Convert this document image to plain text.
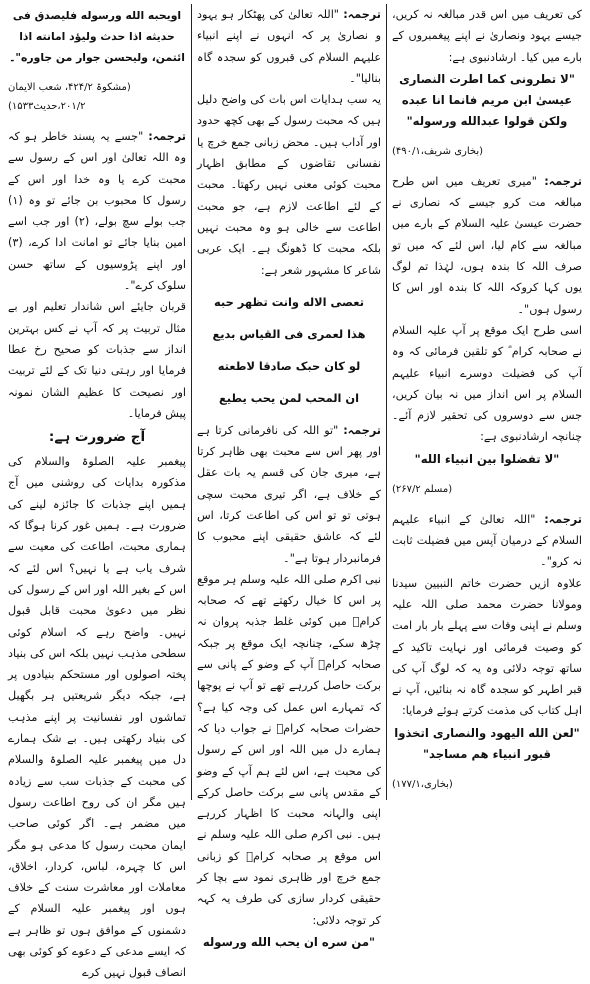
کی تعریف میں اس قدر مبالغہ نہ کریں، جیسے یہود ونصاریٰ نے اپنے پیغمبروں کے بارے میں کیا۔ ارشادنبوی ہے:

"لا تطرونی کما اطرت النصاری عیسیٰ ابن مریم فانما انا عبده ولکن قولوا عبدالله ورسوله"

(بخاری شریف،۴۹۰/۱)

ترجمہ: "میری تعریف میں اس طرح مبالغہ مت کرو جیسے کہ نصاری نے حضرت عیسیٰ علیہ السلام کے بارے میں مبالغہ سے کام لیا، اس لئے کہ میں تو صرف اللہ کا بندہ ہوں، لہٰذا تم لوگ یوں کہا کروکہ اللہ کا بندہ اور اس کا رسول ہوں"۔

اسی طرح ایک موقع پر آپ علیہ السلام نے صحابہ کرام ؓ کو تلقین فرمائی کہ وہ آپ کی فضیلت دوسرے انبیاء علیہم السلام پر اس انداز میں نہ بیان کریں، جس سے دوسروں کی تحقیر لازم آئے۔ چنانچہ ارشادنبوی ہے:

"لا تفضلوا بين انبياء الله"

(مسلم ۲۶۷/۲)

ترجمہ: "اللہ تعالیٰ کے انبیاء علیہم السلام کے درمیان آپس میں فضیلت ثابت نہ کرو"۔

علاوہ ازیں حضرت خاتم النبیین سیدنا ومولانا حضرت محمد صلی اللہ علیہ وسلم نے اپنی وفات سے پہلے بار بار امت کو وصیت فرمائی اور نہایت تاکید کے ساتھ توجہ دلائی وہ یہ کہ لوگ آپ کی قبر اطہر کو سجدہ گاہ نہ بنائیں، آپ نے اہل کتاب کی مذمت کرتے ہوئے فرمایا:

"لعن الله اليهود والنصارى اتخذوا قبور انبياء هم مساجد"

(بخاری،۱۷۷/۱)

ترجمہ: "اللہ تعالیٰ کی پھٹکار ہو یہود و نصاریٰ پر کہ انہوں نے اپنے انبیاء علیہم السلام کی قبروں کو سجدہ گاہ بنالیا"۔

یہ سب ہدایات اس بات کی واضح دلیل ہیں کہ محبت رسول کے بھی کچھ حدود اور آداب ہیں۔ محض زبانی جمع خرچ یا نفسانی تقاضوں کے مطابق اظہار محبت کوئی معنی نہیں رکھتا۔ محبت کے لئے اطاعت لازم ہے، جو محبت اطاعت سے خالی ہو وہ محبت نہیں بلکہ محبت کا ڈھونگ ہے۔ ایک عربی شاعر کا مشہور شعر ہے:

تعصی الاله وانت تظهر حبه

هذا لعمری فی القیاس بدیع

لو کان حبک صادقا لاطعته

ان المحب لمن یحب یطیع

ترجمہ: "تو اللہ کی نافرمانی کرتا ہے اور پھر اس سے محبت بھی ظاہر کرتا ہے، میری جان کی قسم یہ بات عقل کے خلاف ہے، اگر تیری محبت سچی ہوتی تو تو اس کی اطاعت کرتا، اس لئے کہ عاشق حقیقی اپنے محبوب کا فرمانبردار ہوتا ہے"۔

نبی اکرم صلی اللہ علیہ وسلم ہر موقع پر اس کا خیال رکھتے تھے کہ صحابہ کرامؓ میں کوئی غلط جذبہ پروان نہ چڑھ سکے، چنانچہ ایک موقع پر جبکہ صحابہ کرامؓ آپ کے وضو کے پانی سے برکت حاصل کررہے تھے تو آپ نے پوچھا کہ تمہارے اس عمل کی وجہ کیا ہے؟ حضرات صحابہ کرامؓ نے جواب دیا کہ ہمارے دل میں اللہ اور اس کے رسول کی محبت ہے، اس لئے ہم آپ کے وضو کے مقدس پانی سے برکت حاصل کرکے اپنی والہانہ محبت کا اظہار کررہے ہیں۔ نبی اکرم صلی اللہ علیہ وسلم نے اس موقع پر صحابہ کرامؓ کو زبانی جمع خرچ اور ظاہری نمود سے بچا کر حقیقی کردار سازی کی طرف یہ کہہ کر توجہ دلائی:

"من سره ان یحب الله ورسوله

اویحبه الله ورسوله فلیصدق فی حدیثه اذا حدث ولیؤد امانته اذا ائتمن، ولیحسن جوار من جاوره"۔

(مشکوۃ ۴۲۴/۲، شعب الایمان ۲۰۱/۲،حدیث۱۵۳۳)

ترجمہ: "جسے یہ پسند خاطر ہو کہ وہ اللہ تعالیٰ اور اس کے رسول سے محبت کرے یا وہ خدا اور اس کے رسول کا محبوب بن جائے تو وہ (۱) جب بولے سچ بولے، (۲) اور جب اسے امین بنایا جائے تو امانت ادا کرے، (۳) اور اپنے پڑوسیوں کے ساتھ حسن سلوک کرے"۔

قربان جایئے اس شاندار تعلیم اور بے مثال تربیت پر کہ آپ نے کس بہترین انداز سے جذبات کو صحیح رخ عطا فرمایا اور رہتی دنیا تک کے لئے تربیت اور نصیحت کا عظیم الشان نمونہ پیش فرمایا۔

آج ضرورت ہے:

پیغمبر علیہ الصلوۃ والسلام کی مذکورہ بدایات کی روشنی میں آج ہمیں اپنے جذبات کا جائزہ لینے کی ضرورت ہے۔ ہمیں غور کرنا ہوگا کہ ہماری محبت، اطاعت کی معیت سے شرف یاب ہے یا نہیں؟ اس لئے کہ اس کے بغیر اللہ اور اس کے رسول کی نظر میں دعویٰ محبت قابل قبول نہیں۔ واضح رہے کہ اسلام کوئی سطحی مذہب نہیں بلکہ اس کی بنیاد پختہ اصولوں اور مستحکم بنیادوں پر ہے، جبکہ دیگر شریعتیں ہر بگھیل تماشوں اور نفسانیت پر اپنے مذہب کی بنیاد رکھتی ہیں۔ بے شک ہمارے دل میں پیغمبر علیہ الصلوۃ والسلام کی محبت کے جذبات سب سے زیادہ ہیں مگر ان کی روح اطاعت رسول میں مضمر ہے۔ اگر کوئی صاحب ایمان محبت رسول کا مدعی ہو مگر اس کا چہرہ، لباس، کردار، اخلاق، معاملات اور معاشرت سنت کے خلاف ہوں اور پیغمبر علیہ السلام کے دشمنوں کے موافق ہوں تو ظاہر ہے کہ ایسے مدعی کے دعوے کو کوئی بھی انصاف قبول نہیں کرے
